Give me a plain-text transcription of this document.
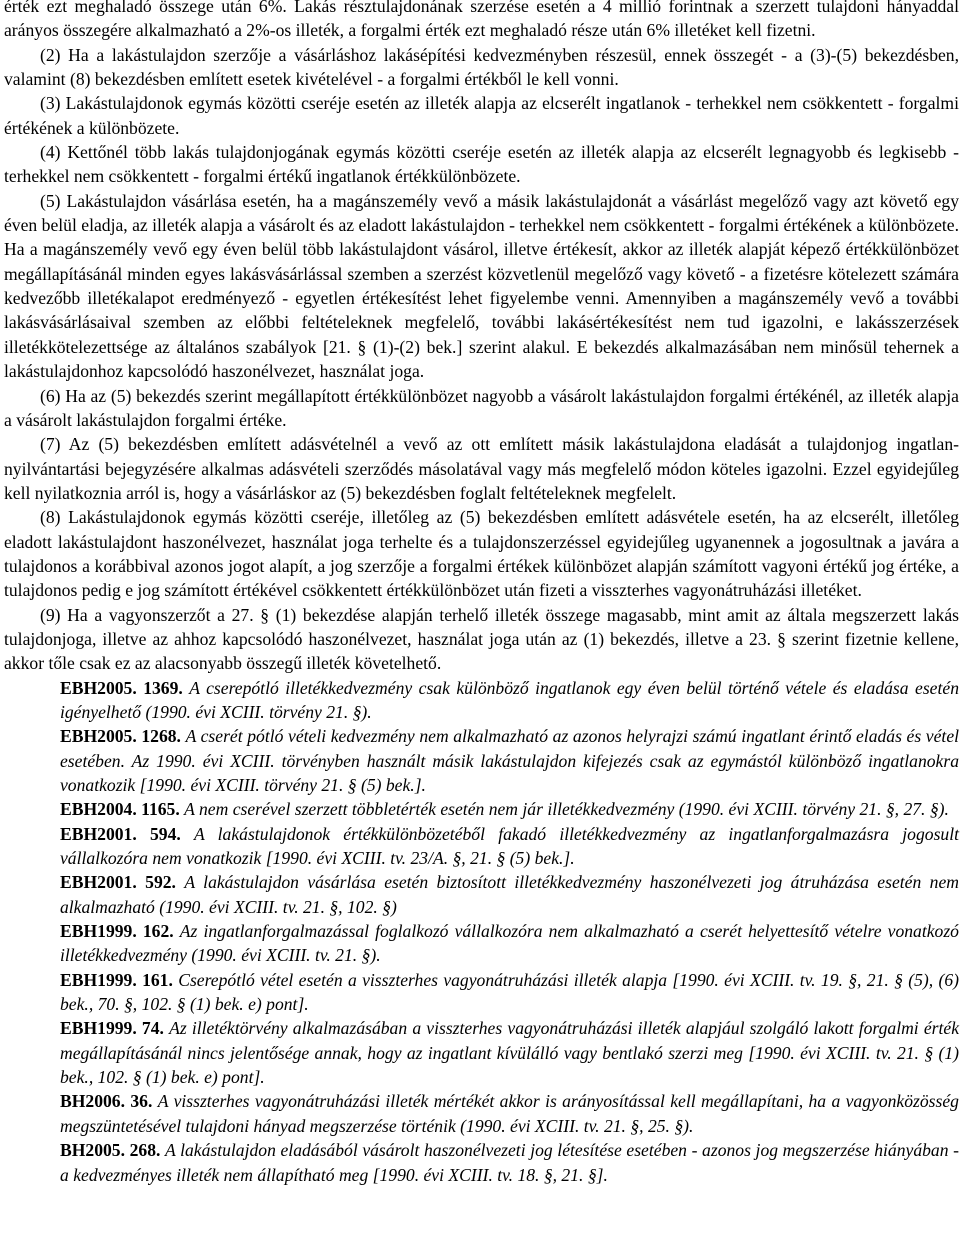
érték ezt meghaladó összege után 6%. Lakás résztulajdonának szerzése esetén a 4 millió forintnak a szerzett tulajdoni hányaddal arányos összegére alkalmazható a 2%-os illeték, a forgalmi érték ezt meghaladó része után 6% illetéket kell fizetni.

(2) Ha a lakástulajdon szerzője a vásárláshoz lakásépítési kedvezményben részesül, ennek összegét - a (3)-(5) bekezdésben, valamint (8) bekezdésben említett esetek kivételével - a forgalmi értékből le kell vonni.

(3) Lakástulajdonok egymás közötti cseréje esetén az illeték alapja az elcserélt ingatlanok - terhekkel nem csökkentett - forgalmi értékének a különbözete.

(4) Kettőnél több lakás tulajdonjogának egymás közötti cseréje esetén az illeték alapja az elcserélt legnagyobb és legkisebb - terhekkel nem csökkentett - forgalmi értékű ingatlanok értékkülönbözete.

(5) Lakástulajdon vásárlása esetén, ha a magánszemély vevő a másik lakástulajdonát a vásárlást megelőző vagy azt követő egy éven belül eladja, az illeték alapja a vásárolt és az eladott lakástulajdon - terhekkel nem csökkentett - forgalmi értékének a különbözete. Ha a magánszemély vevő egy éven belül több lakástulajdont vásárol, illetve értékesít, akkor az illeték alapját képező értékkülönbözet megállapításánál minden egyes lakásvásárlással szemben a szerzést közvetlenül megelőző vagy követő - a fizetésre kötelezett számára kedvezőbb illetékalapot eredményező - egyetlen értékesítést lehet figyelembe venni. Amennyiben a magánszemély vevő a további lakásvásárlásaival szemben az előbbi feltételeknek megfelelő, további lakásértékesítést nem tud igazolni, e lakásszerzések illetékkötelezettsége az általános szabályok [21. § (1)-(2) bek.] szerint alakul. E bekezdés alkalmazásában nem minősül tehernek a lakástulajdonhoz kapcsolódó haszonélvezet, használat joga.

(6) Ha az (5) bekezdés szerint megállapított értékkülönbözet nagyobb a vásárolt lakástulajdon forgalmi értékénél, az illeték alapja a vásárolt lakástulajdon forgalmi értéke.

(7) Az (5) bekezdésben említett adásvételnél a vevő az ott említett másik lakástulajdona eladását a tulajdonjog ingatlan-nyilvántartási bejegyzésére alkalmas adásvételi szerződés másolatával vagy más megfelelő módon köteles igazolni. Ezzel egyidejűleg kell nyilatkoznia arról is, hogy a vásárláskor az (5) bekezdésben foglalt feltételeknek megfelelt.

(8) Lakástulajdonok egymás közötti cseréje, illetőleg az (5) bekezdésben említett adásvétele esetén, ha az elcserélt, illetőleg eladott lakástulajdont haszonélvezet, használat joga terhelte és a tulajdonszerzéssel egyidejűleg ugyanennek a jogosultnak a javára a tulajdonos a korábbival azonos jogot alapít, a jog szerzője a forgalmi értékek különbözet alapján számított vagyoni értékű jog értéke, a tulajdonos pedig e jog számított értékével csökkentett értékkülönbözet után fizeti a visszterhes vagyonátruházási illetéket.

(9) Ha a vagyonszerzőt a 27. § (1) bekezdése alapján terhelő illeték összege magasabb, mint amit az általa megszerzett lakás tulajdonjoga, illetve az ahhoz kapcsolódó haszonélvezet, használat joga után az (1) bekezdés, illetve a 23. § szerint fizetnie kellene, akkor tőle csak ez az alacsonyabb összegű illeték követelhető.

EBH2005. 1369. A cserepótló illetékkedvezmény csak különböző ingatlanok egy éven belül történő vétele és eladása esetén igényelhető (1990. évi XCIII. törvény 21. §).

EBH2005. 1268. A cserét pótló vételi kedvezmény nem alkalmazható az azonos helyrajzi számú ingatlant érintő eladás és vétel esetében. Az 1990. évi XCIII. törvényben használt másik lakástulajdon kifejezés csak az egymástól különböző ingatlanokra vonatkozik [1990. évi XCIII. törvény 21. § (5) bek.].

EBH2004. 1165. A nem cserével szerzett többletérték esetén nem jár illetékkedvezmény (1990. évi XCIII. törvény 21. §, 27. §).

EBH2001. 594. A lakástulajdonok értékkülönbözetéből fakadó illetékkedvezmény az ingatlanforgalmazásra jogosult vállalkozóra nem vonatkozik [1990. évi XCIII. tv. 23/A. §, 21. § (5) bek.].

EBH2001. 592. A lakástulajdon vásárlása esetén biztosított illetékkedvezmény haszonélvezeti jog átruházása esetén nem alkalmazható (1990. évi XCIII. tv. 21. §, 102. §)

EBH1999. 162. Az ingatlanforgalmazással foglalkozó vállalkozóra nem alkalmazható a cserét helyettesítő vételre vonatkozó illetékkedvezmény (1990. évi XCIII. tv. 21. §).

EBH1999. 161. Cserepótló vétel esetén a visszterhes vagyonátruházási illeték alapja [1990. évi XCIII. tv. 19. §, 21. § (5), (6) bek., 70. §, 102. § (1) bek. e) pont].

EBH1999. 74. Az illetéktörvény alkalmazásában a visszterhes vagyonátruházási illeték alapjául szolgáló lakott forgalmi érték megállapításánál nincs jelentősége annak, hogy az ingatlant kívülálló vagy bentlakó szerzi meg [1990. évi XCIII. tv. 21. § (1) bek., 102. § (1) bek. e) pont].

BH2006. 36. A visszterhes vagyonátruházási illeték mértékét akkor is arányosítással kell megállapítani, ha a vagyonközösség megszüntetésével tulajdoni hányad megszerzése történik (1990. évi XCIII. tv. 21. §, 25. §).

BH2005. 268. A lakástulajdon eladásából vásárolt haszonélvezeti jog létesítése esetében - azonos jog megszerzése hiányában - a kedvezményes illeték nem állapítható meg [1990. évi XCIII. tv. 18. §, 21. §].
